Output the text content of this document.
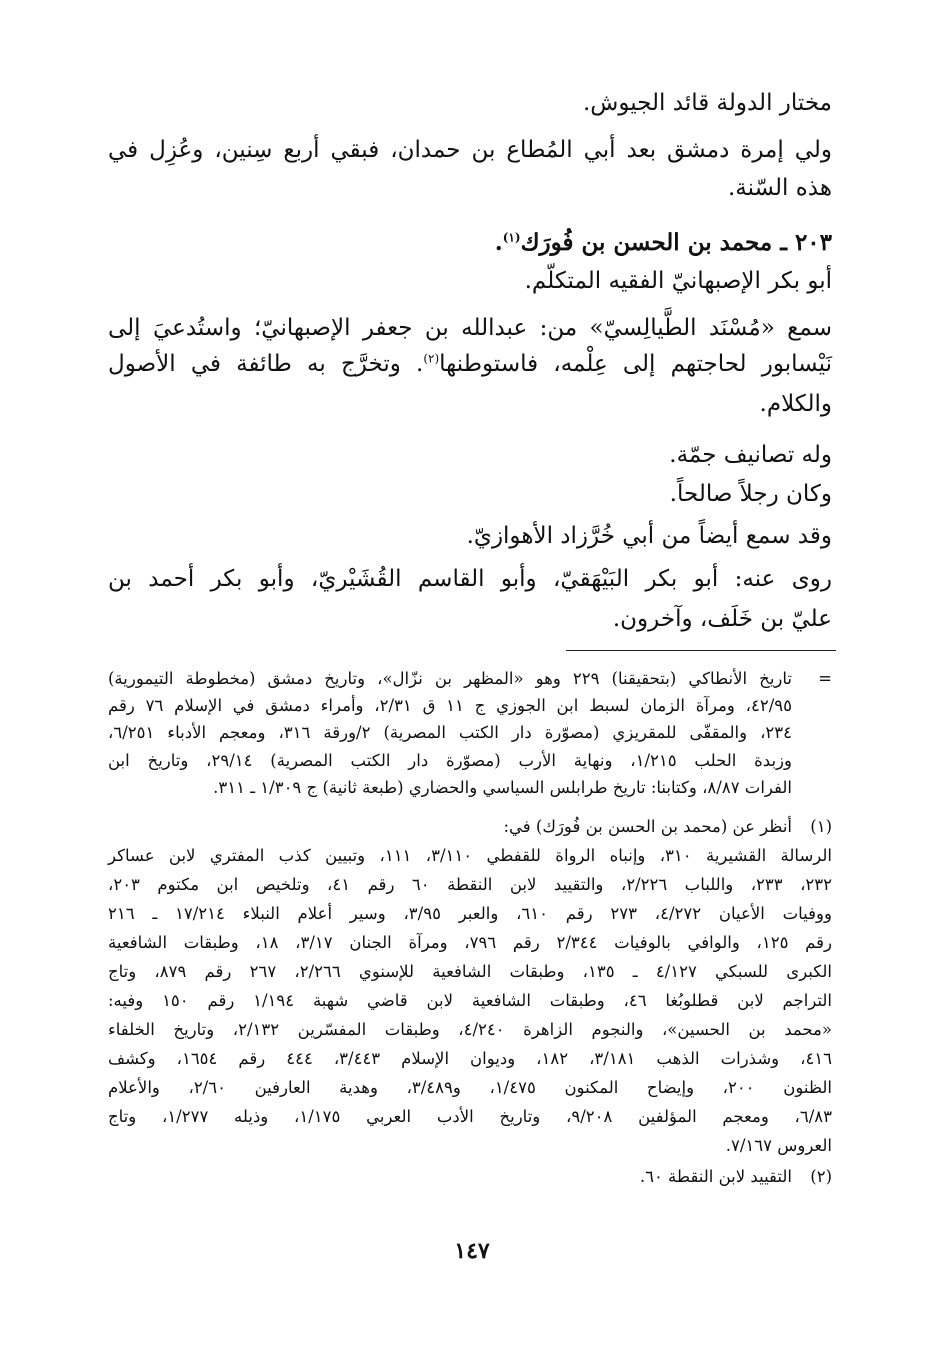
مختار الدولة قائد الجيوش.
ولي إمرة دمشق بعد أبي المُطاع بن حمدان، فبقي أربع سِنين، وعُزِل في
هذه السّنة.
٢٠٣ ـ محمد بن الحسن بن فُورَك$^{(١)}$.
أبو بكر الإصبهانيّ الفقيه المتكلّم.
سمع «مُسْنَد الطَّيالِسيّ» من: عبدالله بن جعفر الإصبهانيّ؛ واستُدعيَ إلى
نَيْسابور لحاجتهم إلى عِلْمه، فاستوطنها$^{(٢)}$. وتخرَّج به طائفة في الأصول
والكلام.
وله تصانيف جمّة.
وكان رجلاً صالحاً.
وقد سمع أيضاً من أبي خُرَّزاد الأهوازيّ.
روى عنه: أبو بكر البَيْهَقيّ، وأبو القاسم القُشَيْريّ، وأبو بكر أحمد بن
عليّ بن خَلَف، وآخرون.
=
تاريخ الأنطاكي (بتحقيقنا) ٢٢٩ وهو «المظهر بن نزّال»، وتاريخ دمشق (مخطوطة التيمورية)
٤٢/٩٥، ومرآة الزمان لسبط ابن الجوزي ج ١١ ق ٢/٣١، وأمراء دمشق في الإسلام ٧٦ رقم
٢٣٤، والمقفّى للمقريزي (مصوّرة دار الكتب المصرية) ٢/ورقة ٣١٦، ومعجم الأدباء ٦/٢٥١،
وزبدة الحلب ١/٢١٥، ونهاية الأرب (مصوّرة دار الكتب المصرية) ٢٩/١٤، وتاريخ ابن
الفرات ٨/٨٧، وكتابنا: تاريخ طرابلس السياسي والحضاري (طبعة ثانية) ج ١/٣٠٩ ـ ٣١١.
(١)
أنظر عن (محمد بن الحسن بن فُورَك) في:
الرسالة القشيرية ٣١٠، وإنباه الرواة للقفطي ٣/١١٠، ١١١، وتبيين كذب المفتري لابن عساكر
٢٣٢، ٢٣٣، واللباب ٢/٢٢٦، والتقييد لابن النقطة ٦٠ رقم ٤١، وتلخيص ابن مكتوم ٢٠٣،
ووفيات الأعيان ٤/٢٧٢، ٢٧٣ رقم ٦١٠، والعبر ٣/٩٥، وسير أعلام النبلاء ١٧/٢١٤ ـ ٢١٦
رقم ١٢٥، والوافي بالوفيات ٢/٣٤٤ رقم ٧٩٦، ومرآة الجنان ٣/١٧، ١٨، وطبقات الشافعية
الكبرى للسبكي ٤/١٢٧ ـ ١٣٥، وطبقات الشافعية للإسنوي ٢/٢٦٦، ٢٦٧ رقم ٨٧٩، وتاج
التراجم لابن قطلوبُغا ٤٦، وطبقات الشافعية لابن قاضي شهبة ١/١٩٤ رقم ١٥٠ وفيه:
«محمد بن الحسين»، والنجوم الزاهرة ٤/٢٤٠، وطبقات المفسّرين ٢/١٣٢، وتاريخ الخلفاء
٤١٦، وشذرات الذهب ٣/١٨١، ١٨٢، وديوان الإسلام ٣/٤٤٣، ٤٤٤ رقم ١٦٥٤، وكشف
الظنون ٢٠٠، وإيضاح المكنون ١/٤٧٥، و٣/٤٨٩، وهدية العارفين ٢/٦٠، والأعلام
٦/٨٣، ومعجم المؤلفين ٩/٢٠٨، وتاريخ الأدب العربي ١/١٧٥، وذيله ١/٢٧٧، وتاج
العروس ٧/١٦٧.
(٢)
التقييد لابن النقطة ٦٠.
١٤٧
